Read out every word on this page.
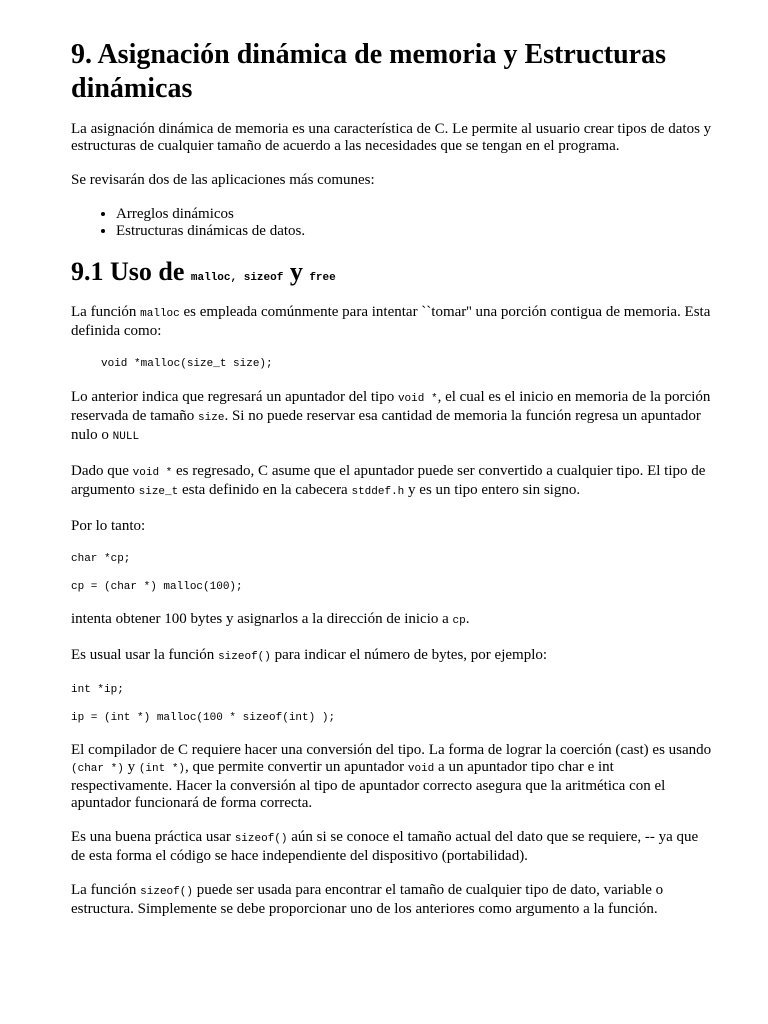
9. Asignación dinámica de memoria y Estructuras dinámicas

La asignación dinámica de memoria es una característica de C. Le permite al usuario crear tipos de datos y estructuras de cualquier tamaño de acuerdo a las necesidades que se tengan en el programa.

Se revisarán dos de las aplicaciones más comunes:

• Arreglos dinámicos
• Estructuras dinámicas de datos.
9.1 Uso de malloc, sizeof y free

La función malloc es empleada comúnmente para intentar ``tomar'' una porción contigua de memoria. Esta definida como:

void *malloc(size_t size);

Lo anterior indica que regresará un apuntador del tipo void *, el cual es el inicio en memoria de la porción reservada de tamaño size. Si no puede reservar esa cantidad de memoria la función regresa un apuntador nulo o NULL

Dado que void * es regresado, C asume que el apuntador puede ser convertido a cualquier tipo. El tipo de argumento size_t esta definido en la cabecera stddef.h y es un tipo entero sin signo.

Por lo tanto:

char *cp;
cp = (char *) malloc(100);

intenta obtener 100 bytes y asignarlos a la dirección de inicio a cp.

Es usual usar la función sizeof() para indicar el número de bytes, por ejemplo:

int *ip;
ip = (int *) malloc(100 * sizeof(int) );

El compilador de C requiere hacer una conversión del tipo. La forma de lograr la coerción (cast) es usando (char *) y (int *), que permite convertir un apuntador void a un apuntador tipo char e int respectivamente. Hacer la conversión al tipo de apuntador correcto asegura que la aritmética con el apuntador funcionará de forma correcta.

Es una buena práctica usar sizeof() aún si se conoce el tamaño actual del dato que se requiere, -- ya que de esta forma el código se hace independiente del dispositivo (portabilidad).

La función sizeof() puede ser usada para encontrar el tamaño de cualquier tipo de dato, variable o estructura. Simplemente se debe proporcionar uno de los anteriores como argumento a la función.
